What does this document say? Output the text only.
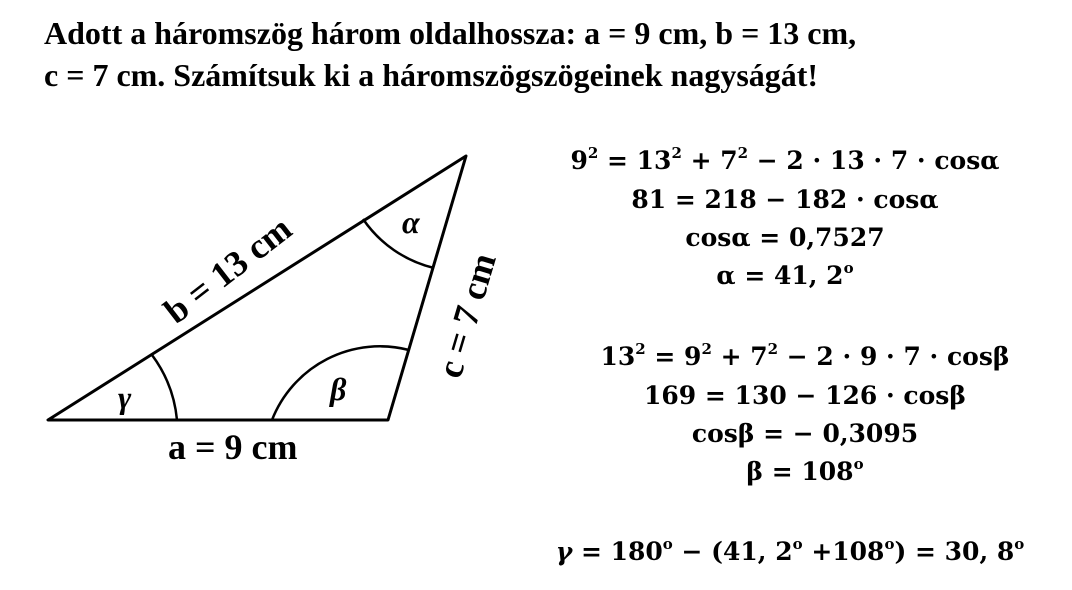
Adott a háromszög három oldalhossza: a = 9 cm, b = 13 cm,
c = 7 cm. Számítsuk ki a háromszögszögeinek nagyságát!
γ	β
α
a = 9 cm
b = 13 cm	c = 7 cm
$9^2 = 13^2 + 7^2 - 2 \cdot 13 \cdot 7 \cdot \cos\alpha$
81 = 218 − 182 · cosα
cosα = 0,7527
α = 41, 2$^o$
$13^2 = 9^2 + 7^2 - 2 \cdot 9 \cdot 7 \cdot \cos\beta$
169 = 130 − 126 · cosβ
cosβ = − 0,3095
$\beta = 108^o$
$\gamma = 180^o - (41$, $2^o +108^o) = 30$, 8$^o$
